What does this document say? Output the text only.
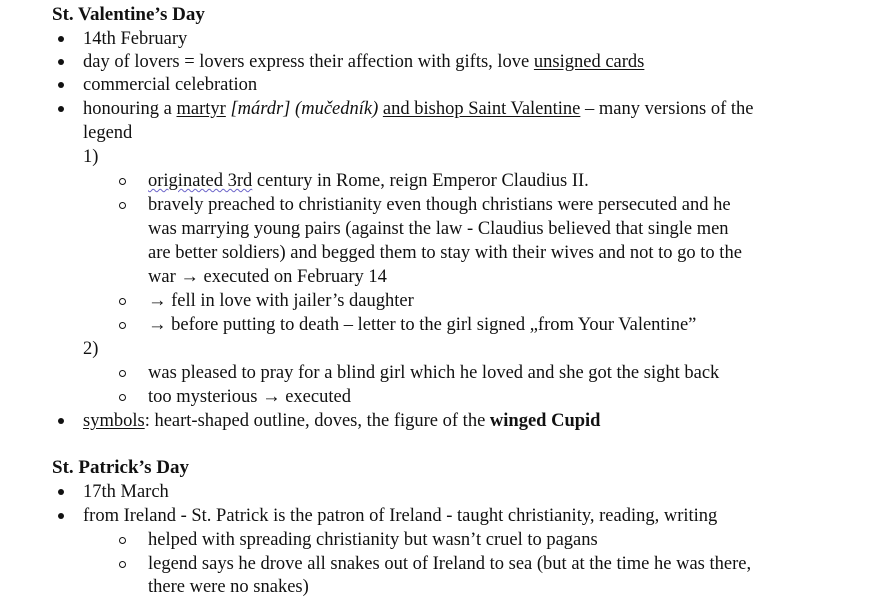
St. Valentine’s Day
14th February
day of lovers = lovers express their affection with gifts, love unsigned cards
commercial celebration
honouring a martyr [márdr] (mučedník) and bishop Saint Valentine – many versions of the
legend
1)
originated 3rd century in Rome, reign Emperor Claudius II.
bravely preached to christianity even though christians were persecuted and he
was marrying young pairs (against the law - Claudius believed that single men
are better soldiers) and begged them to stay with their wives and not to go to the
war → executed on February 14
→ fell in love with jailer’s daughter
→ before putting to death – letter to the girl signed „from Your Valentine”
2)
was pleased to pray for a blind girl which he loved and she got the sight back
too mysterious → executed
symbols: heart-shaped outline, doves, the figure of the winged Cupid
St. Patrick’s Day
17th March
from Ireland - St. Patrick is the patron of Ireland - taught christianity, reading, writing
helped with spreading christianity but wasn’t cruel to pagans
legend says he drove all snakes out of Ireland to sea (but at the time he was there,
there were no snakes)
